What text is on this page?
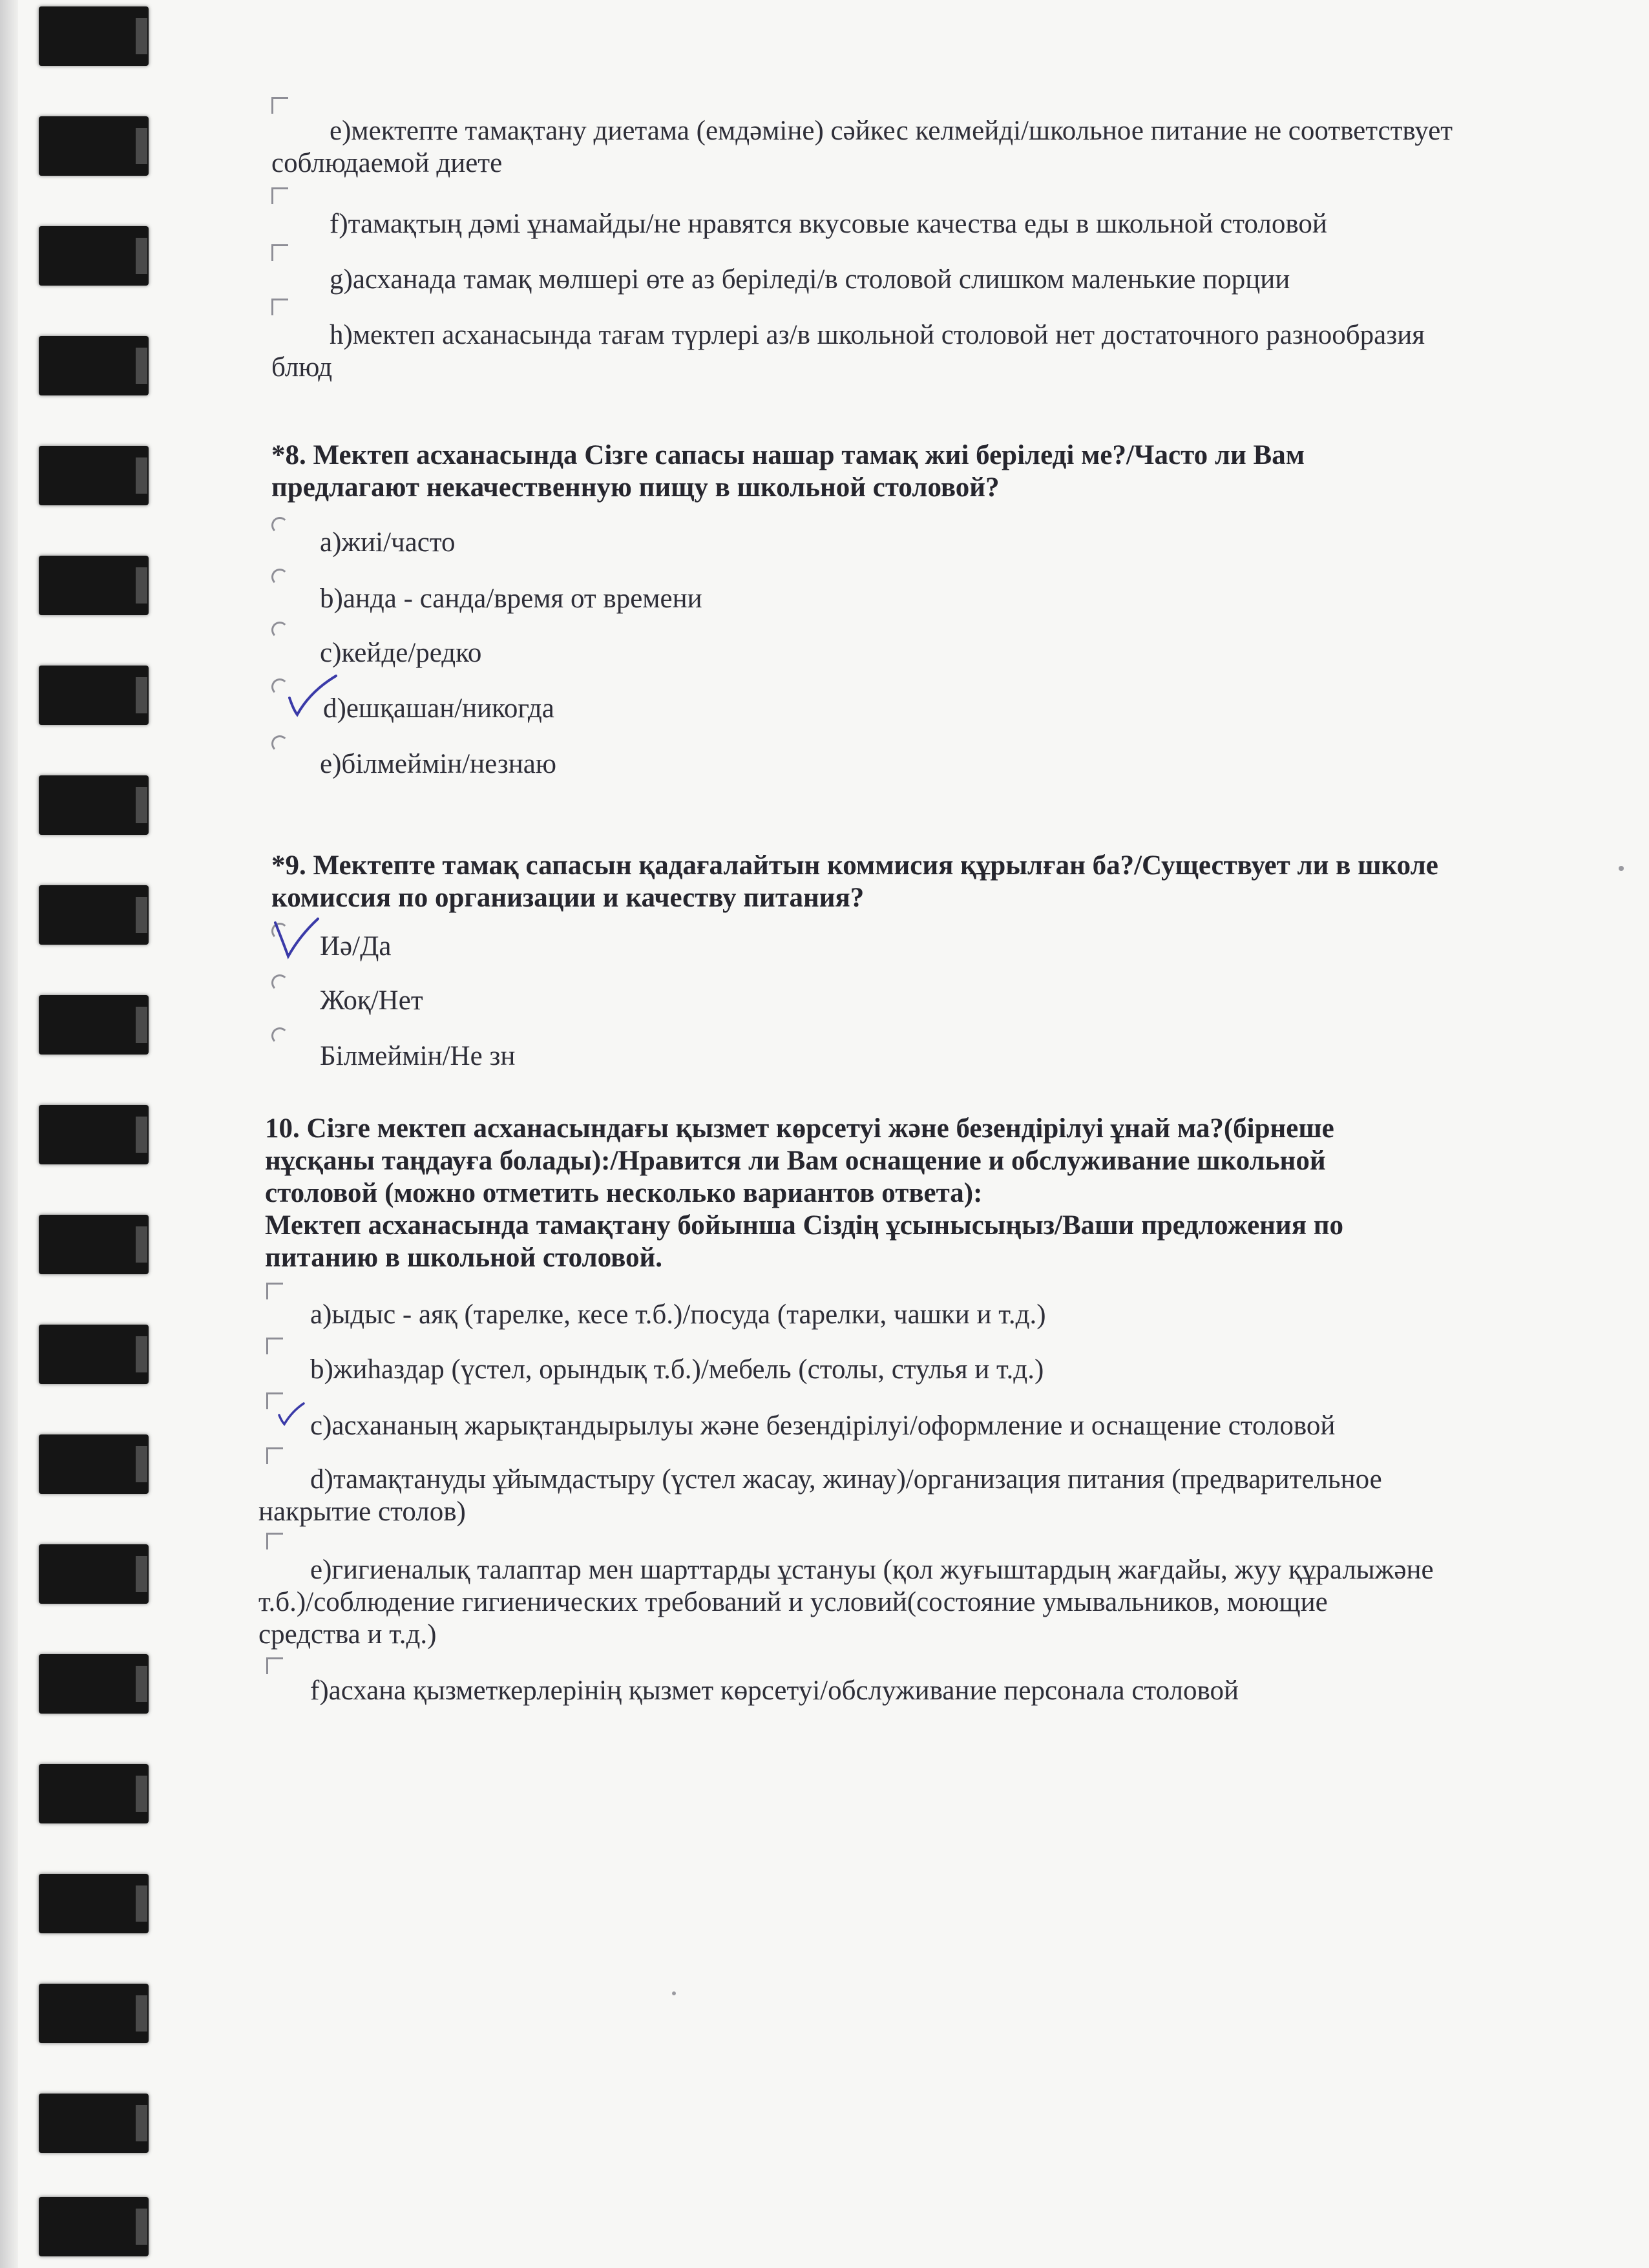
e)мектепте тамақтану диетама (емдәміне) сәйкес келмейді/школьное питание не соответствует
соблюдаемой диете
f)тамақтың дәмі ұнамайды/не нравятся вкусовые качества еды в школьной столовой
g)асханада тамақ мөлшері өте аз беріледі/в столовой слишком маленькие порции
h)мектеп асханасында тағам түрлері аз/в школьной столовой нет достаточного разнообразия
блюд
*8. Мектеп асханасында Сізге сапасы нашар тамақ жиі беріледі ме?/Часто ли Вам
предлагают некачественную пищу в школьной столовой?
a)жиі/часто
b)анда - санда/время от времени
c)кейде/редко
d)ешқашан/никогда
e)білмеймін/незнаю
*9. Мектепте тамақ сапасын қадағалайтын коммисия құрылған ба?/Существует ли в школе
комиссия по организации и качеству питания?
Иә/Да
Жоқ/Нет
Білмеймін/Не зн
10. Сізге мектеп асханасындағы қызмет көрсетуі және безендірілуі ұнай ма?(бірнеше
нұсқаны таңдауға болады):/Нравится ли Вам оснащение и обслуживание школьной
столовой (можно отметить несколько вариантов ответа):
Мектеп асханасында тамақтану бойынша Сіздің ұсынысыңыз/Ваши предложения по
питанию в школьной столовой.
a)ыдыс - аяқ (тарелке, кесе т.б.)/посуда (тарелки, чашки и т.д.)
b)жиһаздар (үстел, орындық т.б.)/мебель (столы, стулья и т.д.)
c)асхананың жарықтандырылуы және безендірілуі/оформление и оснащение столовой
d)тамақтануды ұйымдастыру (үстел жасау, жинау)/организация питания (предварительное
накрытие столов)
e)гигиеналық талаптар мен шарттарды ұстануы (қол жуғыштардың жағдайы, жуу құралыжәне
т.б.)/соблюдение гигиенических требований и условий(состояние умывальников, моющие
средства и т.д.)
f)асхана қызметкерлерінің қызмет көрсетуі/обслуживание персонала столовой
